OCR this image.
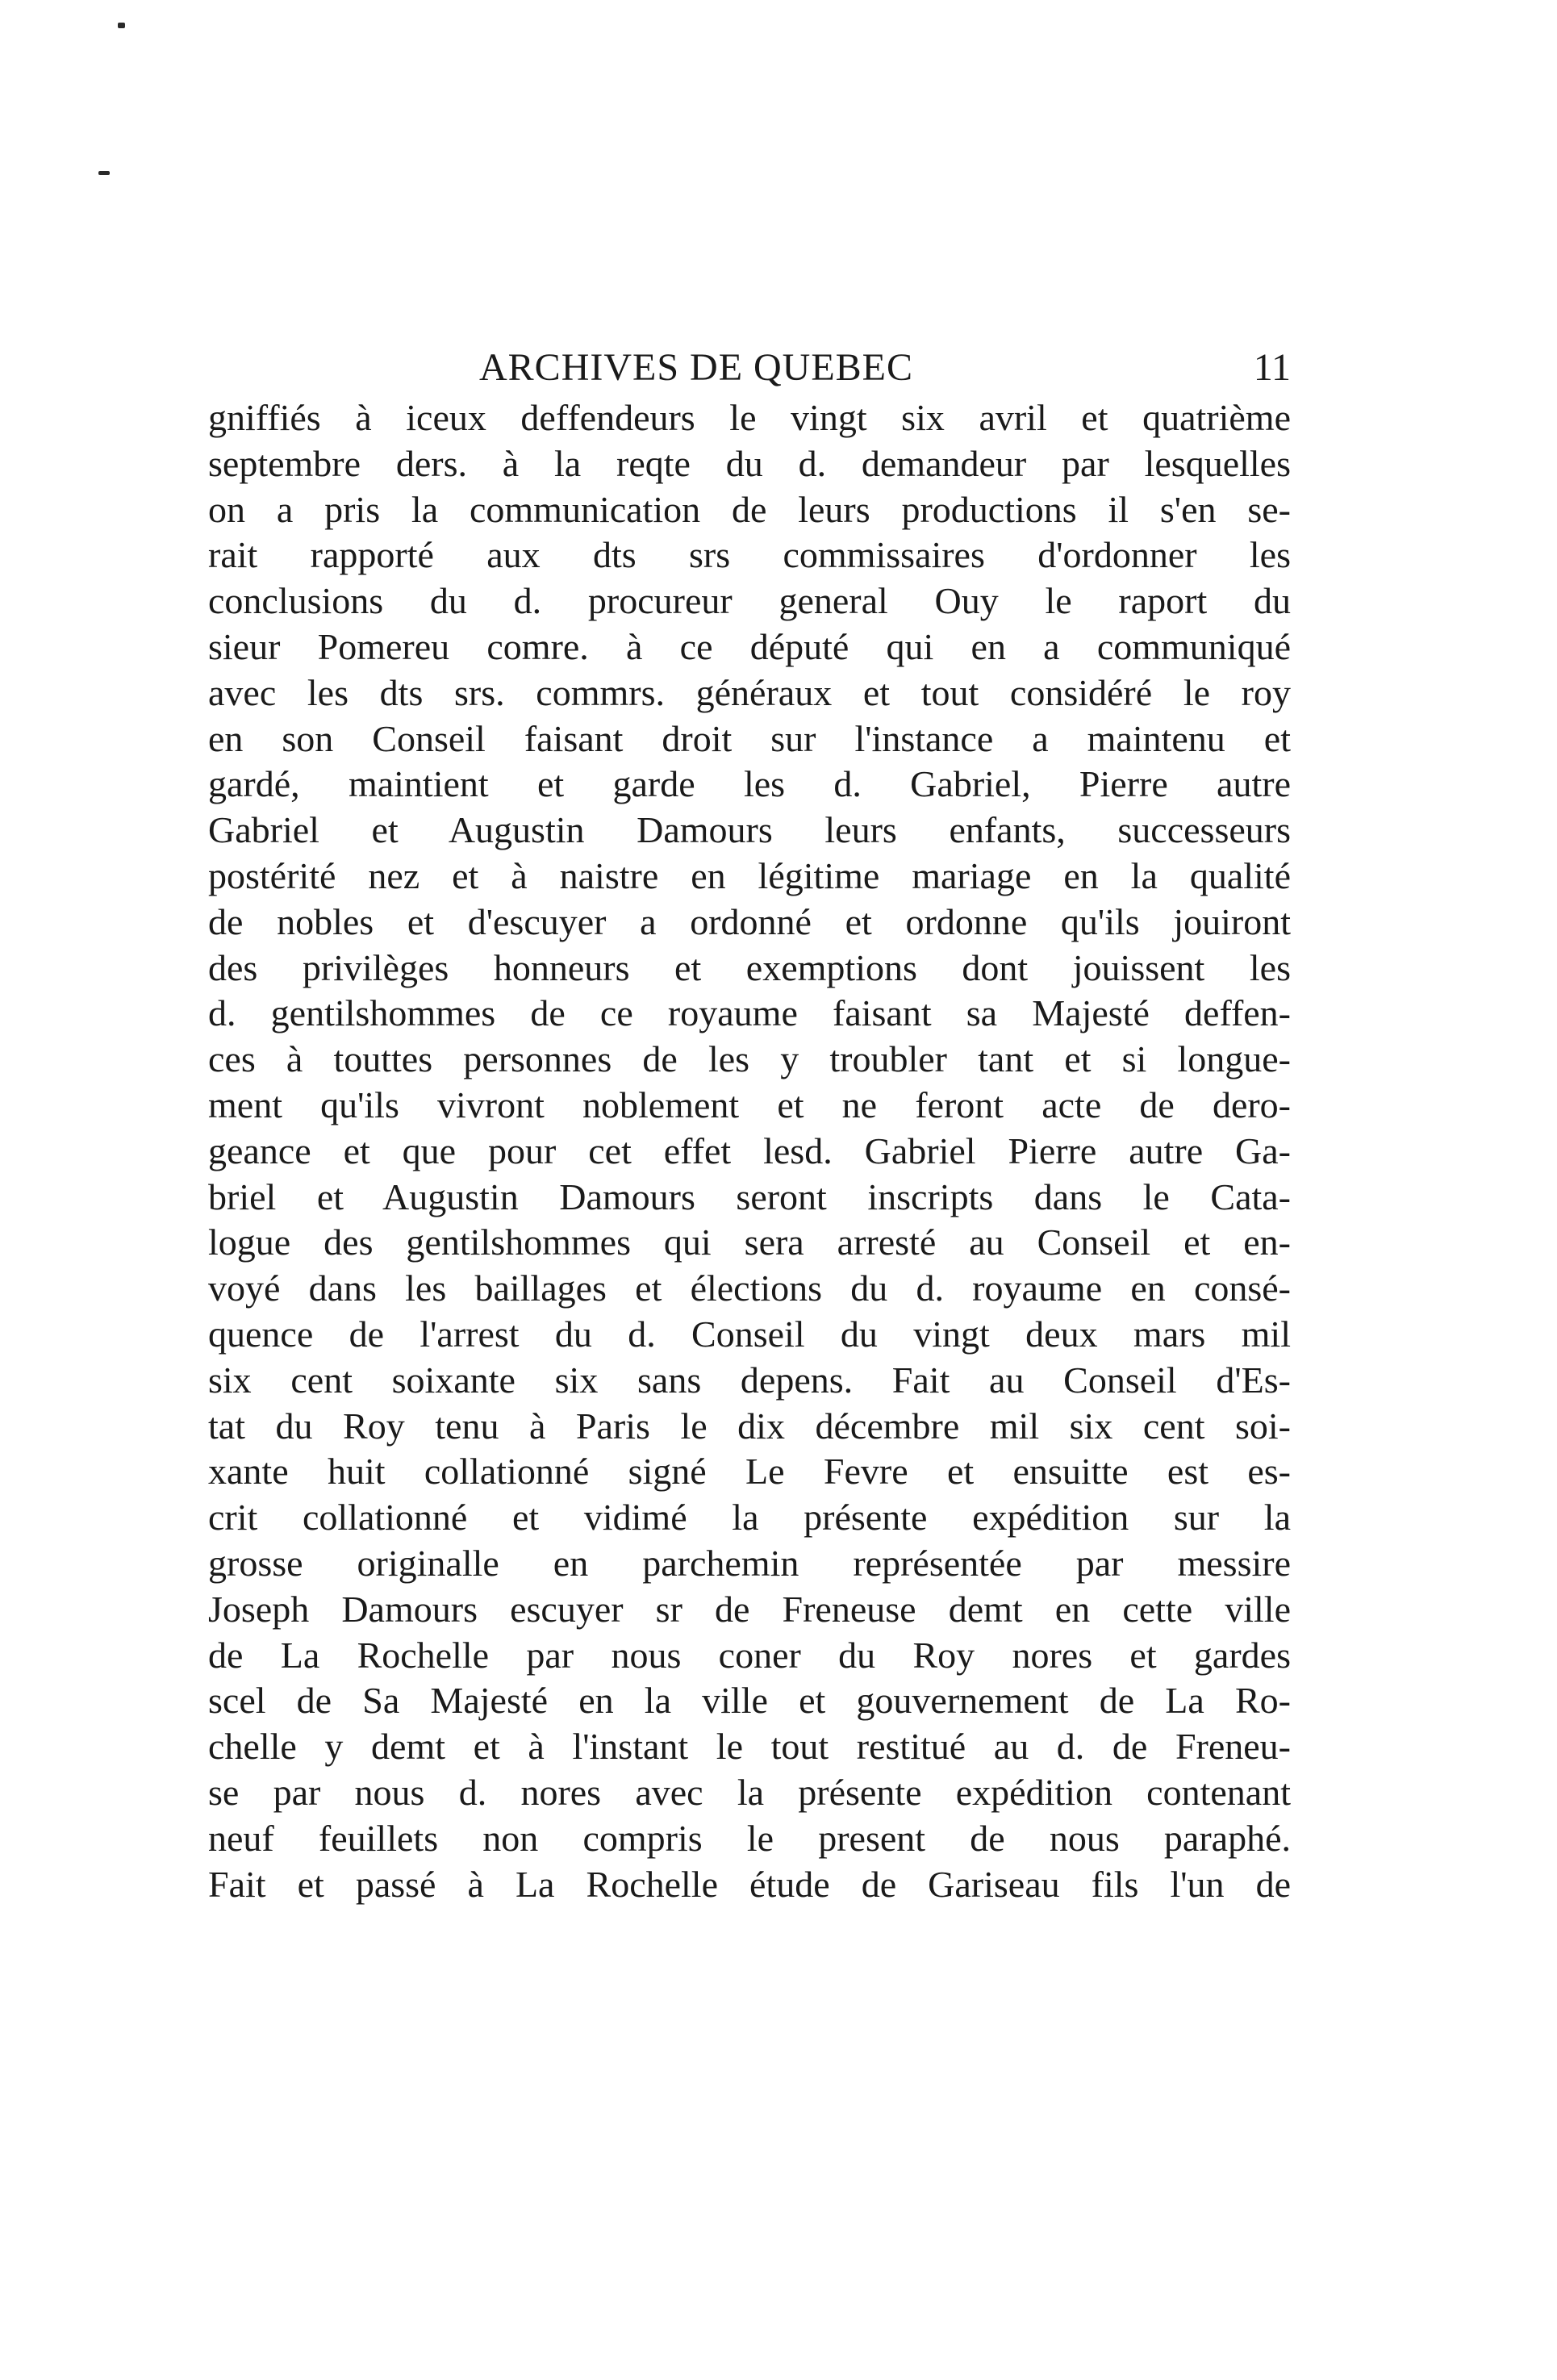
ARCHIVES DE QUEBEC	11
gniffiés à iceux deffendeurs le vingt six avril et quatrième
septembre ders. à la reqte du d. demandeur par lesquelles
on a pris la communication de leurs productions il s'en se-
rait rapporté aux dts srs commissaires d'ordonner les
conclusions du d. procureur general Ouy le raport du
sieur Pomereu comre. à ce député qui en a communiqué
avec les dts srs. commrs. généraux et tout considéré le roy
en son Conseil faisant droit sur l'instance a maintenu et
gardé, maintient et garde les d. Gabriel, Pierre autre
Gabriel et Augustin Damours leurs enfants, successeurs
postérité nez et à naistre en légitime mariage en la qualité
de nobles et d'escuyer a ordonné et ordonne qu'ils jouiront
des privilèges honneurs et exemptions dont jouissent les
d. gentilshommes de ce royaume faisant sa Majesté deffen-
ces à touttes personnes de les y troubler tant et si longue-
ment qu'ils vivront noblement et ne feront acte de dero-
geance et que pour cet effet lesd. Gabriel Pierre autre Ga-
briel et Augustin Damours seront inscripts dans le Cata-
logue des gentilshommes qui sera arresté au Conseil et en-
voyé dans les baillages et élections du d. royaume en consé-
quence de l'arrest du d. Conseil du vingt deux mars mil
six cent soixante six sans depens. Fait au Conseil d'Es-
tat du Roy tenu à Paris le dix décembre mil six cent soi-
xante huit collationné signé Le Fevre et ensuitte est es-
crit collationné et vidimé la présente expédition sur la
grosse originalle en parchemin représentée par messire
Joseph Damours escuyer sr de Freneuse demt en cette ville
de La Rochelle par nous coner du Roy nores et gardes
scel de Sa Majesté en la ville et gouvernement de La Ro-
chelle y demt et à l'instant le tout restitué au d. de Freneu-
se par nous d. nores avec la présente expédition contenant
neuf feuillets non compris le present de nous paraphé.
Fait et passé à La Rochelle étude de Gariseau fils l'un de
